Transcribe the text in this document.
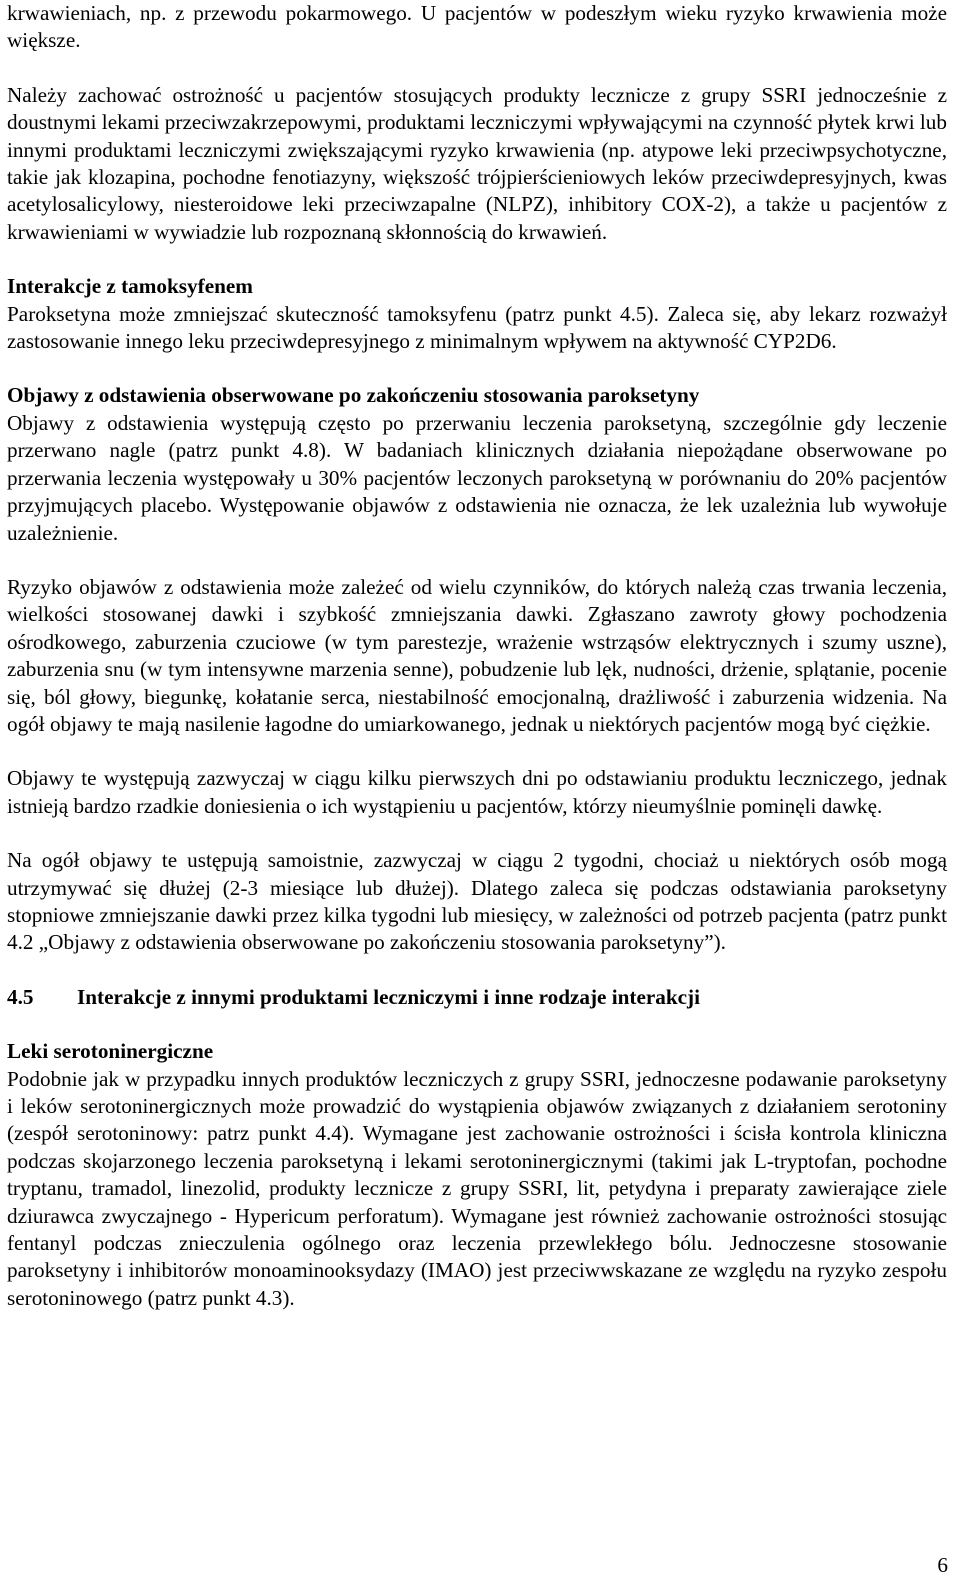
krwawieniach, np. z przewodu pokarmowego. U pacjentów w podeszłym wieku ryzyko krwawienia może większe.

Należy zachować ostrożność u pacjentów stosujących produkty lecznicze z grupy SSRI jednocześnie z doustnymi lekami przeciwzakrzepowymi, produktami leczniczymi wpływającymi na czynność płytek krwi lub innymi produktami leczniczymi zwiększającymi ryzyko krwawienia (np. atypowe leki przeciwpsychotyczne, takie jak klozapina, pochodne fenotiazyny, większość trójpierścieniowych leków przeciwdepresyjnych, kwas acetylosalicylowy, niesteroidowe leki przeciwzapalne (NLPZ), inhibitory COX-2), a także u pacjentów z krwawieniami w wywiadzie lub rozpoznaną skłonnością do krwawień.

Interakcje z tamoksyfenem

Paroksetyna może zmniejszać skuteczność tamoksyfenu (patrz punkt 4.5). Zaleca się, aby lekarz rozważył zastosowanie innego leku przeciwdepresyjnego z minimalnym wpływem na aktywność CYP2D6.

Objawy z odstawienia obserwowane po zakończeniu stosowania paroksetyny

Objawy z odstawienia występują często po przerwaniu leczenia paroksetyną, szczególnie gdy leczenie przerwano nagle (patrz punkt 4.8). W badaniach klinicznych działania niepożądane obserwowane po przerwania leczenia występowały u 30% pacjentów leczonych paroksetyną w porównaniu do 20% pacjentów przyjmujących placebo. Występowanie objawów z odstawienia nie oznacza, że lek uzależnia lub wywołuje uzależnienie.

Ryzyko objawów z odstawienia może zależeć od wielu czynników, do których należą czas trwania leczenia, wielkości stosowanej dawki i szybkość zmniejszania dawki. Zgłaszano zawroty głowy pochodzenia ośrodkowego, zaburzenia czuciowe (w tym parestezje, wrażenie wstrząsów elektrycznych i szumy uszne), zaburzenia snu (w tym intensywne marzenia senne), pobudzenie lub lęk, nudności, drżenie, splątanie, pocenie się, ból głowy, biegunkę, kołatanie serca, niestabilność emocjonalną, drażliwość i zaburzenia widzenia. Na ogół objawy te mają nasilenie łagodne do umiarkowanego, jednak u niektórych pacjentów mogą być ciężkie.

Objawy te występują zazwyczaj w ciągu kilku pierwszych dni po odstawianiu produktu leczniczego, jednak istnieją bardzo rzadkie doniesienia o ich wystąpieniu u pacjentów, którzy nieumyślnie pominęli dawkę.

Na ogół objawy te ustępują samoistnie, zazwyczaj w ciągu 2 tygodni, chociaż u niektórych osób mogą utrzymywać się dłużej (2-3 miesiące lub dłużej). Dlatego zaleca się podczas odstawiania paroksetyny stopniowe zmniejszanie dawki przez kilka tygodni lub miesięcy, w zależności od potrzeb pacjenta (patrz punkt 4.2 „Objawy z odstawienia obserwowane po zakończeniu stosowania paroksetyny”).

4.5	Interakcje z innymi produktami leczniczymi i inne rodzaje interakcji
Leki serotoninergiczne

Podobnie jak w przypadku innych produktów leczniczych z grupy SSRI, jednoczesne podawanie paroksetyny i leków serotoninergicznych może prowadzić do wystąpienia objawów związanych z działaniem serotoniny (zespół serotoninowy: patrz punkt 4.4). Wymagane jest zachowanie ostrożności i ścisła kontrola kliniczna podczas skojarzonego leczenia paroksetyną i lekami serotoninergicznymi (takimi jak L-tryptofan, pochodne tryptanu, tramadol, linezolid, produkty lecznicze z grupy SSRI, lit, petydyna i preparaty zawierające ziele dziurawca zwyczajnego - Hypericum perforatum). Wymagane jest również zachowanie ostrożności stosując fentanyl podczas znieczulenia ogólnego oraz leczenia przewlekłego bólu. Jednoczesne stosowanie paroksetyny i inhibitorów monoaminooksydazy (IMAO) jest przeciwwskazane ze względu na ryzyko zespołu serotoninowego (patrz punkt 4.3).

6
